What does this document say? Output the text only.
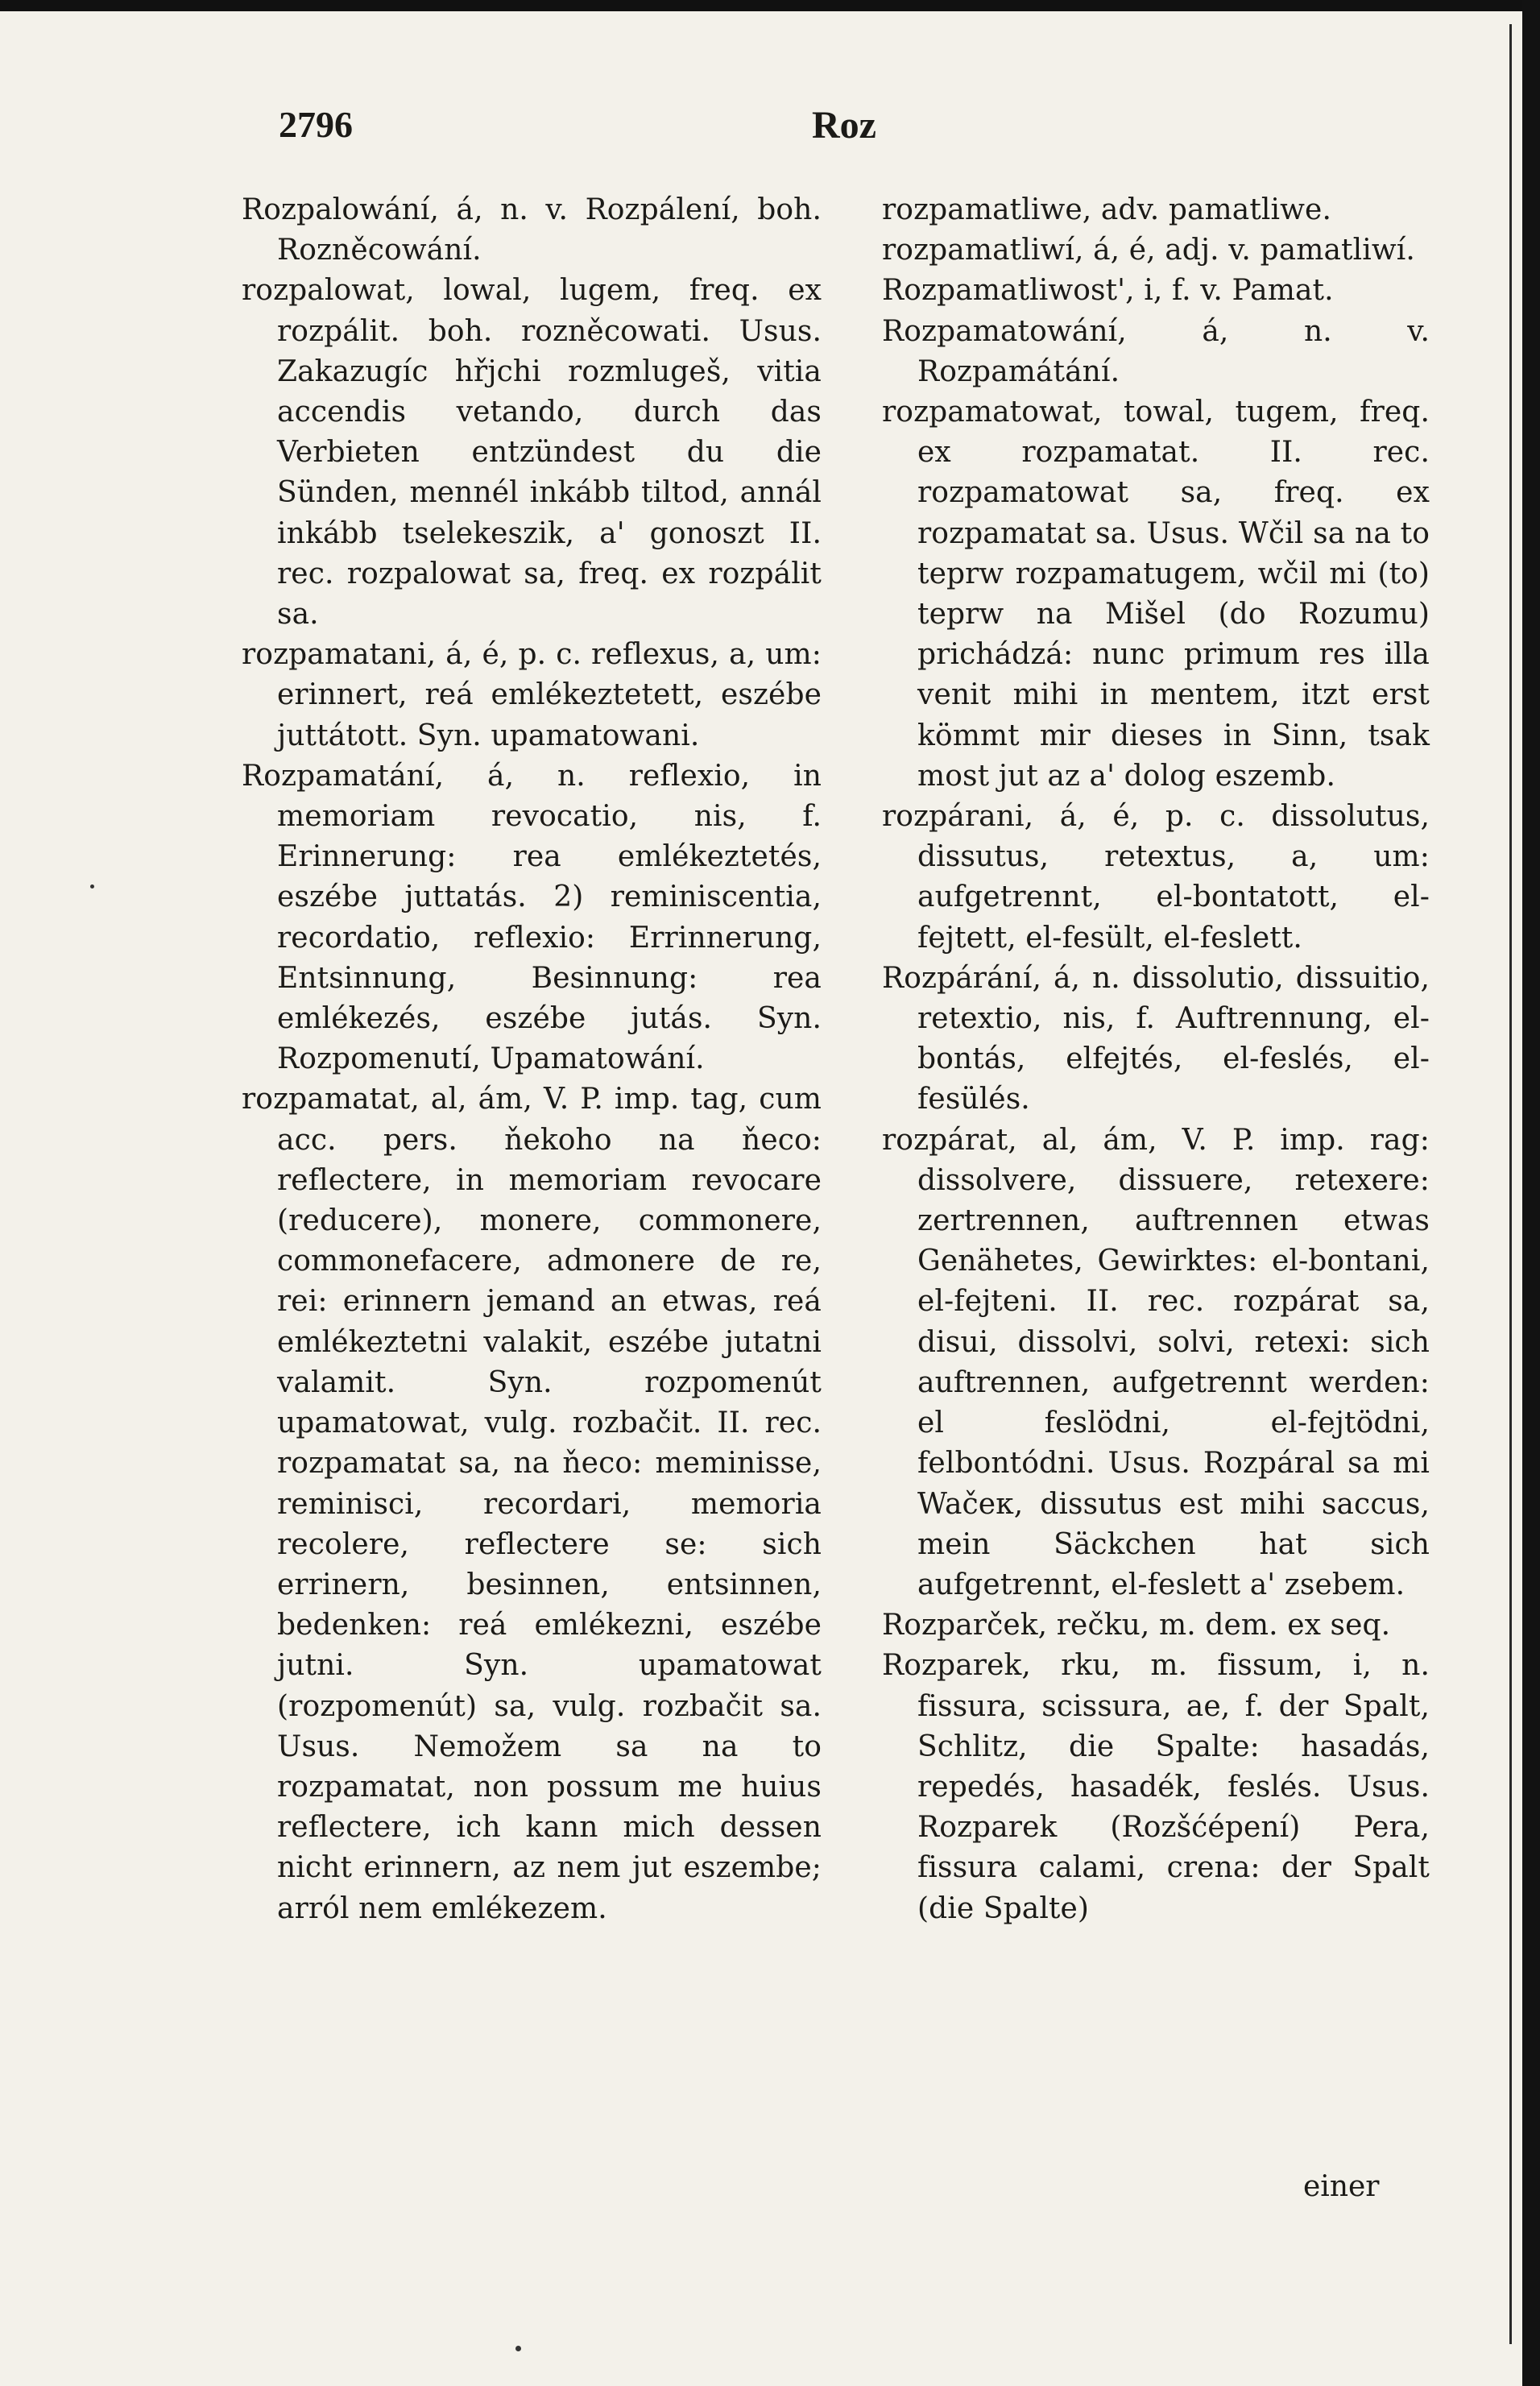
2796	Roz

Rozpalowání, á, n. v. Rozpálení, boh. Rozněcowání.

rozpalowat, lowal, lugem, freq. ex rozpálit. boh. rozněcowati. Usus. Zakazugíc hřjchi rozmlugeš, vitia accendis vetando, durch das Verbieten entzündest du die Sünden, mennél inkább tiltod, annál inkább tselekeszik, a' gonoszt II. rec. rozpalowat sa, freq. ex rozpálit sa.

rozpamatani, á, é, p. c. reflexus, a, um: erinnert, reá emlékeztetett, eszébe juttátott. Syn. upamatowani.

Rozpamatání, á, n. reflexio, in memoriam revocatio, nis, f. Erinnerung: rea emlékeztetés, eszébe juttatás. 2) reminiscentia, recordatio, reflexio: Errinnerung, Entsinnung, Besinnung: rea emlékezés, eszébe jutás. Syn. Rozpomenutí, Upamatowání.

rozpamatat, al, ám, V. P. imp. tag, cum acc. pers. ňekoho na ňeco: reflectere, in memoriam revocare (reducere), monere, commonere, commonefacere, admonere de re, rei: erinnern jemand an etwas, reá emlékeztetni valakit, eszébe jutatni valamit. Syn. rozpomenút upamatowat, vulg. rozbačit. II. rec. rozpamatat sa, na ňeco: meminisse, reminisci, recordari, memoria recolere, reflectere se: sich errinern, besinnen, entsinnen, bedenken: reá emlékezni, eszébe jutni. Syn. upamatowat (rozpomenút) sa, vulg. rozbačit sa. Usus. Nemožem sa na to rozpamatat, non possum me huius reflectere, ich kann mich dessen nicht erinnern, az nem jut eszembe; arról nem emlékezem.

rozpamatliwe, adv. pamatliwe.

rozpamatliwí, á, é, adj. v. pamatliwí.

Rozpamatliwost', i, f. v. Pamat.

Rozpamatowání, á, n. v. Rozpamátání.

rozpamatowat, towal, tugem, freq. ex rozpamatat. II. rec. rozpamatowat sa, freq. ex rozpamatat sa. Usus. Wčil sa na to teprw rozpamatugem, wčil mi (to) teprw na Mišel (do Rozumu) prichádzá: nunc primum res illa venit mihi in mentem, itzt erst kömmt mir dieses in Sinn, tsak most jut az a' dolog eszemb.

rozpárani, á, é, p. c. dissolutus, dissutus, retextus, a, um: aufgetrennt, el-bontatott, el-fejtett, el-fesült, el-feslett.

Rozpárání, á, n. dissolutio, dissuitio, retextio, nis, f. Auftrennung, el-bontás, elfejtés, el-feslés, el-fesülés.

rozpárat, al, ám, V. P. imp. rag: dissolvere, dissuere, retexere: zertrennen, auftrennen etwas Genähetes, Gewirktes: el-bontani, el-fejteni. II. rec. rozpárat sa, disui, dissolvi, solvi, retexi: sich auftrennen, aufgetrennt werden: el feslödni, el-fejtödni, felbontódni. Usus. Rozpáral sa mi Wačeк, dissutus est mihi saccus, mein Säckchen hat sich aufgetrennt, el-feslett a' zsebem.

Rozparček, rečku, m. dem. ex seq.

Rozparek, rku, m. fissum, i, n. fissura, scissura, ae, f. der Spalt, Schlitz, die Spalte: hasadás, repedés, hasadék, feslés. Usus. Rozparek (Rozšćépení) Pera, fissura calami, crena: der Spalt (die Spalte)

einer
